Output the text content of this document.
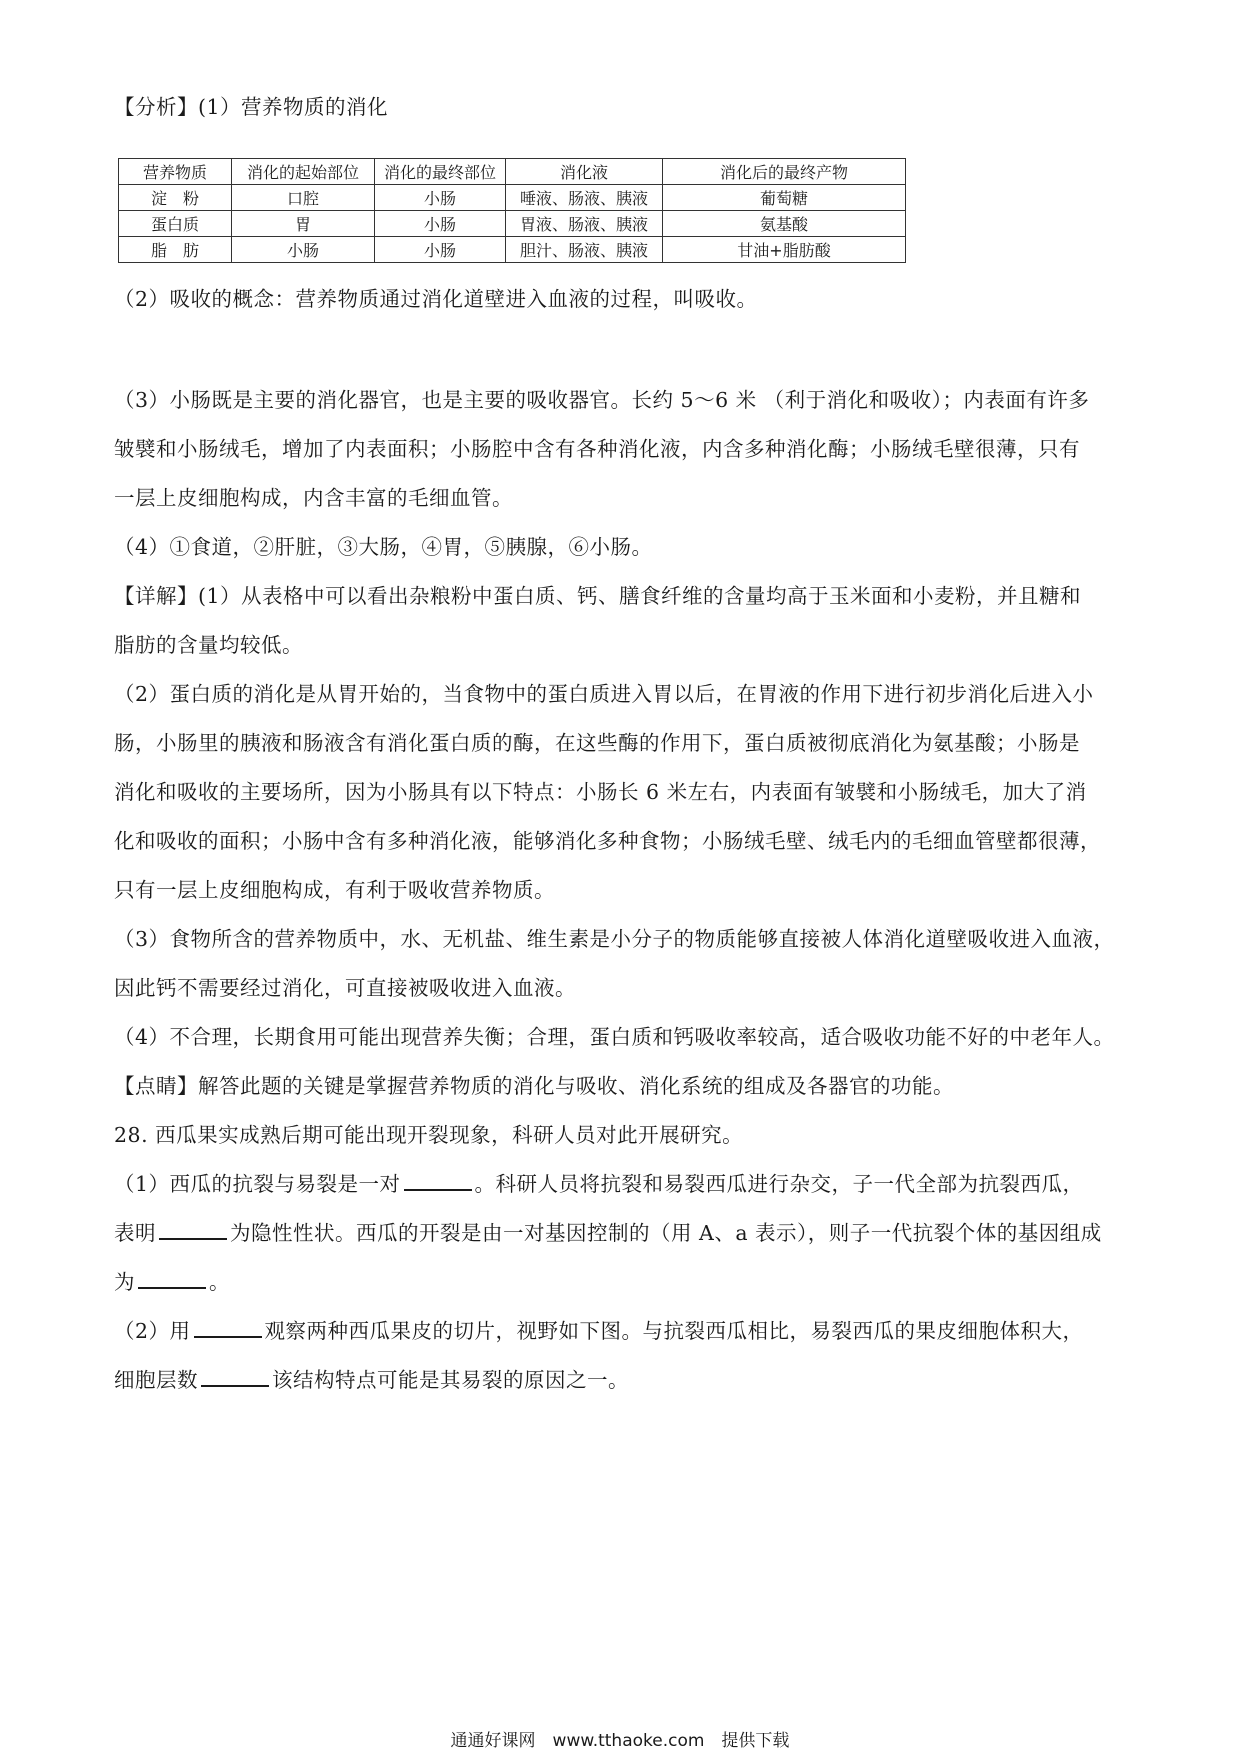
【分析】(1）营养物质的消化
营养物质	消化的起始部位	消化的最终部位	消化液	消化后的最终产物
淀　粉	口腔	小肠	唾液、肠液、胰液	葡萄糖
蛋白质	胃	小肠	胃液、肠液、胰液	氨基酸
脂　肪	小肠	小肠	胆汁、肠液、胰液	甘油+脂肪酸
（2）吸收的概念：营养物质通过消化道壁进入血液的过程，叫吸收。
（3）小肠既是主要的消化器官，也是主要的吸收器官。长约 5～6 米 （利于消化和吸收）；内表面有许多
皱襞和小肠绒毛，增加了内表面积；小肠腔中含有各种消化液，内含多种消化酶；小肠绒毛壁很薄，只有
一层上皮细胞构成，内含丰富的毛细血管。
（4）①食道，②肝脏，③大肠，④胃，⑤胰腺，⑥小肠。
【详解】(1）从表格中可以看出杂粮粉中蛋白质、钙、膳食纤维的含量均高于玉米面和小麦粉，并且糖和
脂肪的含量均较低。
（2）蛋白质的消化是从胃开始的，当食物中的蛋白质进入胃以后，在胃液的作用下进行初步消化后进入小
肠，小肠里的胰液和肠液含有消化蛋白质的酶，在这些酶的作用下，蛋白质被彻底消化为氨基酸；小肠是
消化和吸收的主要场所，因为小肠具有以下特点：小肠长 6 米左右，内表面有皱襞和小肠绒毛，加大了消
化和吸收的面积；小肠中含有多种消化液，能够消化多种食物；小肠绒毛壁、绒毛内的毛细血管壁都很薄，
只有一层上皮细胞构成，有利于吸收营养物质。
（3）食物所含的营养物质中，水、无机盐、维生素是小分子的物质能够直接被人体消化道壁吸收进入血液，
因此钙不需要经过消化，可直接被吸收进入血液。
（4）不合理，长期食用可能出现营养失衡；合理，蛋白质和钙吸收率较高，适合吸收功能不好的中老年人。
【点睛】解答此题的关键是掌握营养物质的消化与吸收、消化系统的组成及各器官的功能。
28. 西瓜果实成熟后期可能出现开裂现象，科研人员对此开展研究。
（1）西瓜的抗裂与易裂是一对	。科研人员将抗裂和易裂西瓜进行杂交，子一代全部为抗裂西瓜，
表明	为隐性性状。西瓜的开裂是由一对基因控制的（用 A、a 表示），则子一代抗裂个体的基因组成
为	。
（2）用	观察两种西瓜果皮的切片，视野如下图。与抗裂西瓜相比，易裂西瓜的果皮细胞体积大，
细胞层数	该结构特点可能是其易裂的原因之一。
通通好课网　www.tthaoke.com　提供下载
